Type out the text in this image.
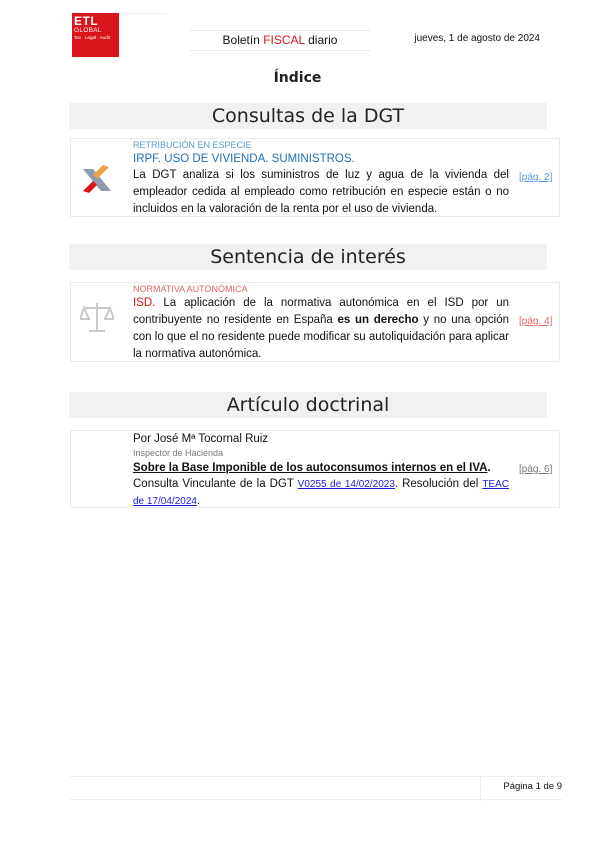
ETL
GLOBAL
Tax · Legal · Audit	Boletín FISCAL diario	jueves, 1 de agosto de 2024
Índice
Consultas de la DGT
RETRIBUCIÓN EN ESPECIE
IRPF. USO DE VIVIENDA. SUMINISTROS.
La DGT analiza si los suministros de luz y agua de la vivienda del empleador cedida al empleado como retribución en especie están o no incluidos en la valoración de la renta por el uso de vivienda.
[pág. 2]
Sentencia de interés
NORMATIVA AUTONÓMICA
ISD. La aplicación de la normativa autonómica en el ISD por un contribuyente no residente en España es un derecho y no una opción con lo que el no residente puede modificar su autoliquidación para aplicar la normativa autonómica.
[pág. 4]
Artículo doctrinal
Por José Mª Tocornal Ruiz
Inspector de Hacienda
Sobre la Base Imponible de los autoconsumos internos en el IVA.
Consulta Vinculante de la DGT V0255 de 14/02/2023. Resolución del TEAC de 17/04/2024.
[pág. 6]
Página 1 de 9
